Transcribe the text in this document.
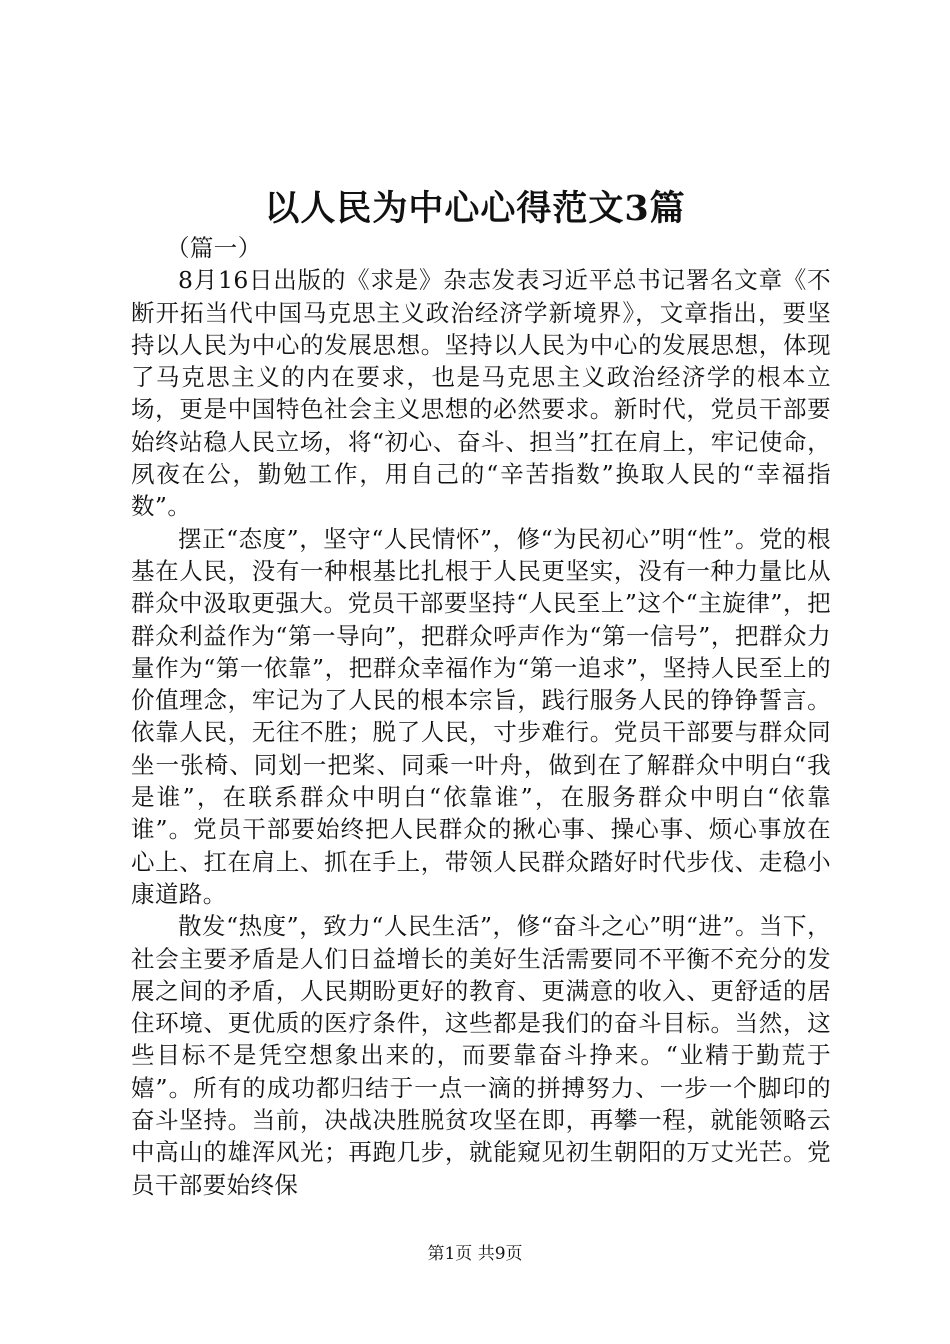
以人民为中心心得范文3篇

（篇一）

8月16日出版的《求是》杂志发表习近平总书记署名文章《不断开拓当代中国马克思主义政治经济学新境界》，文章指出，要坚持以人民为中心的发展思想。坚持以人民为中心的发展思想，体现了马克思主义的内在要求，也是马克思主义政治经济学的根本立场，更是中国特色社会主义思想的必然要求。新时代，党员干部要始终站稳人民立场，将“初心、奋斗、担当”扛在肩上，牢记使命，夙夜在公，勤勉工作，用自己的“辛苦指数”换取人民的“幸福指数”。

摆正“态度”，坚守“人民情怀”，修“为民初心”明“性”。党的根基在人民，没有一种根基比扎根于人民更坚实，没有一种力量比从群众中汲取更强大。党员干部要坚持“人民至上”这个“主旋律”，把群众利益作为“第一导向”，把群众呼声作为“第一信号”，把群众力量作为“第一依靠”，把群众幸福作为“第一追求”，坚持人民至上的价值理念，牢记为了人民的根本宗旨，践行服务人民的铮铮誓言。依靠人民，无往不胜；脱了人民，寸步难行。党员干部要与群众同坐一张椅、同划一把桨、同乘一叶舟，做到在了解群众中明白“我是谁”，在联系群众中明白“依靠谁”，在服务群众中明白“依靠谁”。党员干部要始终把人民群众的揪心事、操心事、烦心事放在心上、扛在肩上、抓在手上，带领人民群众踏好时代步伐、走稳小康道路。

散发“热度”，致力“人民生活”，修“奋斗之心”明“进”。当下，社会主要矛盾是人们日益增长的美好生活需要同不平衡不充分的发展之间的矛盾，人民期盼更好的教育、更满意的收入、更舒适的居住环境、更优质的医疗条件，这些都是我们的奋斗目标。当然，这些目标不是凭空想象出来的，而要靠奋斗挣来。“业精于勤荒于嬉”。所有的成功都归结于一点一滴的拼搏努力、一步一个脚印的奋斗坚持。当前，决战决胜脱贫攻坚在即，再攀一程，就能领略云中高山的雄浑风光；再跑几步，就能窥见初生朝阳的万丈光芒。党员干部要始终保

第1页 共9页
